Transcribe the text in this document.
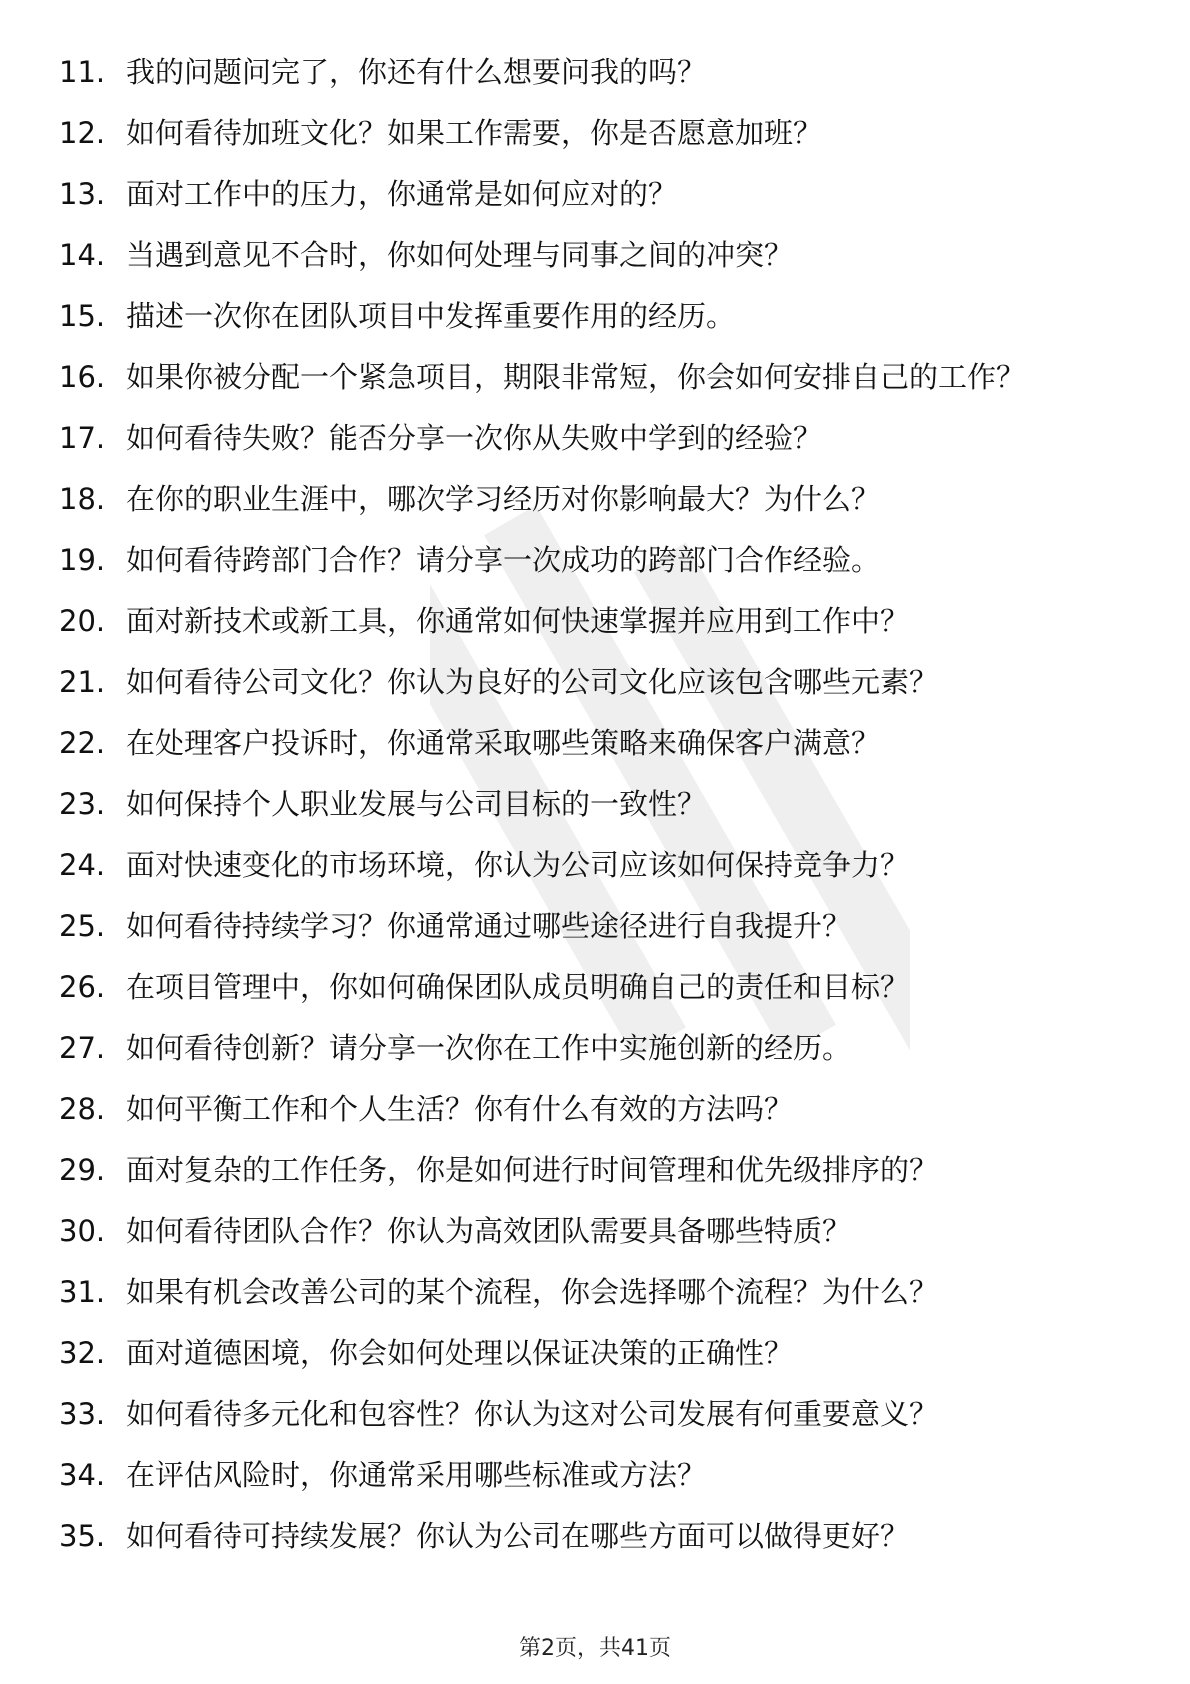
11. 我的问题问完了，你还有什么想要问我的吗？
12. 如何看待加班文化？如果工作需要，你是否愿意加班？
13. 面对工作中的压力，你通常是如何应对的？
14. 当遇到意见不合时，你如何处理与同事之间的冲突？
15. 描述一次你在团队项目中发挥重要作用的经历。
16. 如果你被分配一个紧急项目，期限非常短，你会如何安排自己的工作？
17. 如何看待失败？能否分享一次你从失败中学到的经验？
18. 在你的职业生涯中，哪次学习经历对你影响最大？为什么？
19. 如何看待跨部门合作？请分享一次成功的跨部门合作经验。
20. 面对新技术或新工具，你通常如何快速掌握并应用到工作中？
21. 如何看待公司文化？你认为良好的公司文化应该包含哪些元素？
22. 在处理客户投诉时，你通常采取哪些策略来确保客户满意？
23. 如何保持个人职业发展与公司目标的一致性？
24. 面对快速变化的市场环境，你认为公司应该如何保持竞争力？
25. 如何看待持续学习？你通常通过哪些途径进行自我提升？
26. 在项目管理中，你如何确保团队成员明确自己的责任和目标？
27. 如何看待创新？请分享一次你在工作中实施创新的经历。
28. 如何平衡工作和个人生活？你有什么有效的方法吗？
29. 面对复杂的工作任务，你是如何进行时间管理和优先级排序的？
30. 如何看待团队合作？你认为高效团队需要具备哪些特质？
31. 如果有机会改善公司的某个流程，你会选择哪个流程？为什么？
32. 面对道德困境，你会如何处理以保证决策的正确性？
33. 如何看待多元化和包容性？你认为这对公司发展有何重要意义？
34. 在评估风险时，你通常采用哪些标准或方法？
35. 如何看待可持续发展？你认为公司在哪些方面可以做得更好？
第2页，共41页
